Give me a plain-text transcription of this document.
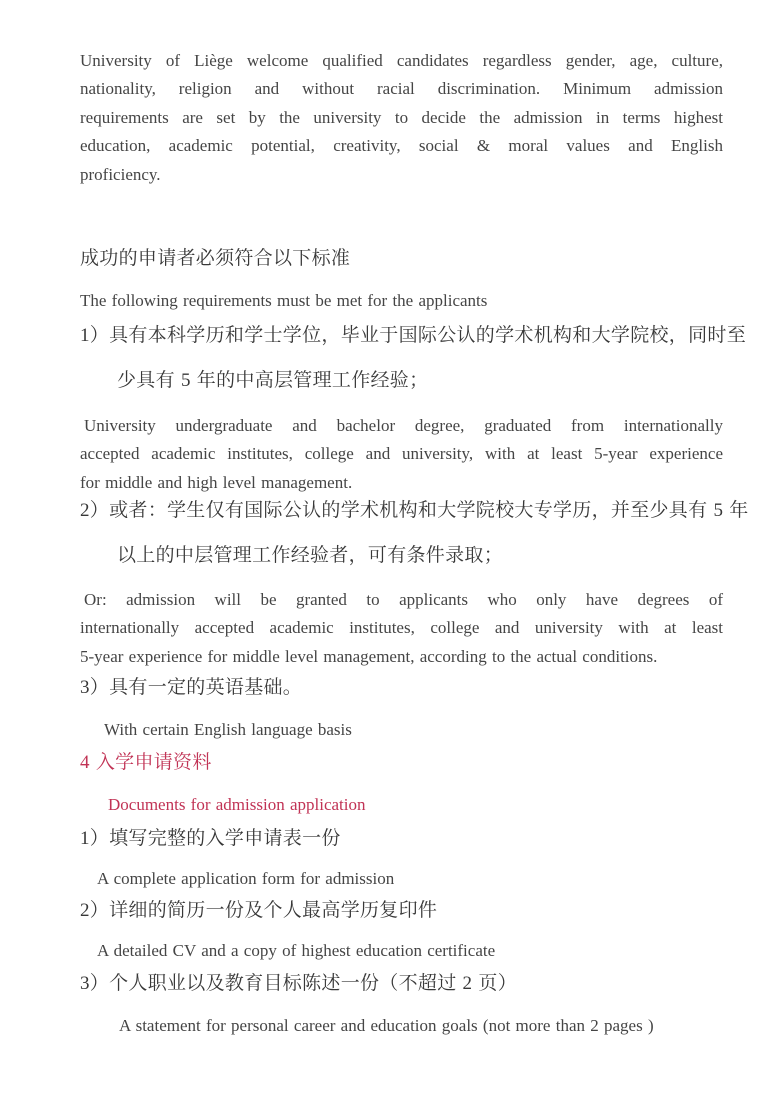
University of Liège welcome qualified candidates regardless gender, age, culture,
nationality, religion and without racial discrimination. Minimum admission
requirements are set by the university to decide the admission in terms highest
education, academic potential, creativity, social & moral values and English
proficiency.
成功的申请者必须符合以下标准
The following requirements must be met for the applicants
1）具有本科学历和学士学位，毕业于国际公认的学术机构和大学院校，同时至
少具有 5 年的中高层管理工作经验；
University undergraduate and bachelor degree, graduated from internationally
accepted academic institutes, college and university, with at least 5-year experience
for middle and high level management.
2）或者：学生仅有国际公认的学术机构和大学院校大专学历，并至少具有 5 年
以上的中层管理工作经验者，可有条件录取；
Or: admission will be granted to applicants who only have degrees of
internationally accepted academic institutes, college and university with at least
5-year experience for middle level management, according to the actual conditions.
3）具有一定的英语基础。
With certain English language basis
4 入学申请资料
Documents for admission application
1）填写完整的入学申请表一份
A complete application form for admission
2）详细的简历一份及个人最高学历复印件
A detailed CV and a copy of highest education certificate
3）个人职业以及教育目标陈述一份（不超过 2 页）
A statement for personal career and education goals (not more than 2 pages )
